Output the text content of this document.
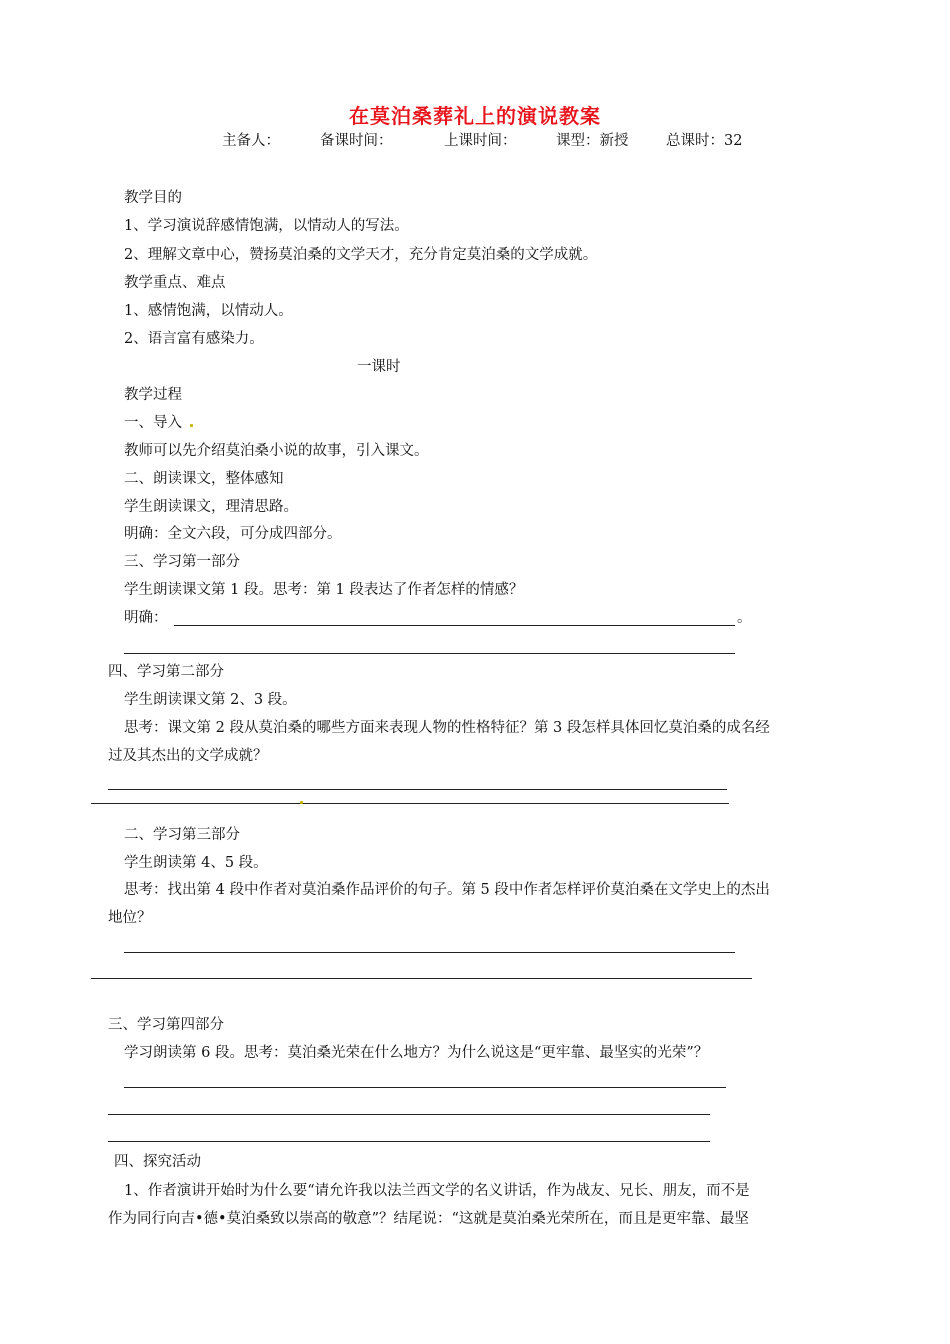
在莫泊桑葬礼上的演说教案
主备人：	备课时间：	上课时间：	课型：新授	总课时：32
教学目的
1、学习演说辞感情饱满，以情动人的写法。
2、理解文章中心，赞扬莫泊桑的文学天才，充分肯定莫泊桑的文学成就。
教学重点、难点
1、感情饱满，以情动人。
2、语言富有感染力。
一课时
教学过程
一、导入
教师可以先介绍莫泊桑小说的故事，引入课文。
二、朗读课文，整体感知
学生朗读课文，理清思路。
明确：全文六段，可分成四部分。
三、学习第一部分
学生朗读课文第 1 段。思考：第 1 段表达了作者怎样的情感？
明确：	。
四、学习第二部分
学生朗读课文第 2、3 段。
思考：课文第 2 段从莫泊桑的哪些方面来表现人物的性格特征？第 3 段怎样具体回忆莫泊桑的成名经
过及其杰出的文学成就？
二、学习第三部分
学生朗读第 4、5 段。
思考：找出第 4 段中作者对莫泊桑作品评价的句子。第 5 段中作者怎样评价莫泊桑在文学史上的杰出
地位？
三、学习第四部分
学习朗读第 6 段。思考：莫泊桑光荣在什么地方？为什么说这是“更牢靠、最坚实的光荣”？
四、探究活动
1、作者演讲开始时为什么要“请允许我以法兰西文学的名义讲话，作为战友、兄长、朋友，而不是
作为同行向吉•德•莫泊桑致以崇高的敬意”？结尾说：“这就是莫泊桑光荣所在，而且是更牢靠、最坚
